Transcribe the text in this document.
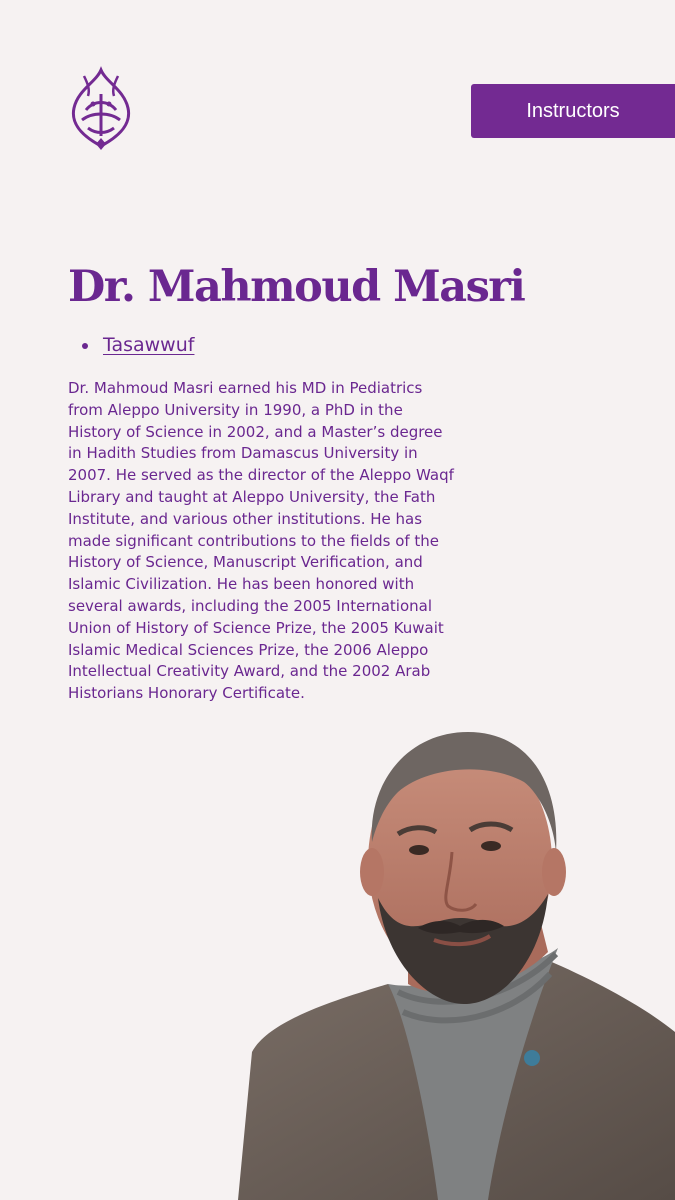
Instructors
Dr. Mahmoud Masri
Tasawwuf

Dr. Mahmoud Masri earned his MD in Pediatrics from Aleppo University in 1990, a PhD in the History of Science in 2002, and a Master’s degree in Hadith Studies from Damascus University in 2007. He served as the director of the Aleppo Waqf Library and taught at Aleppo University, the Fath Institute, and various other institutions. He has made significant contributions to the fields of the History of Science, Manuscript Verification, and Islamic Civilization. He has been honored with several awards, including the 2005 International Union of History of Science Prize, the 2005 Kuwait Islamic Medical Sciences Prize, the 2006 Aleppo Intellectual Creativity Award, and the 2002 Arab Historians Honorary Certificate.
